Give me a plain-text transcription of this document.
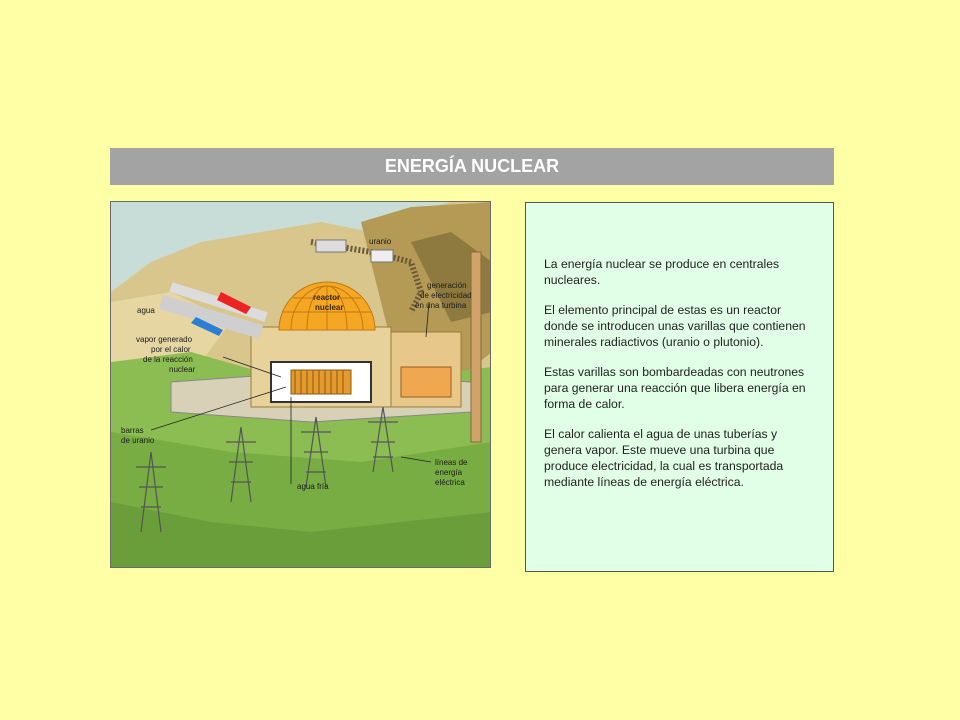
ENERGÍA NUCLEAR
uranio
reactor
nuclear
agua
vapor generado
por el calor
de la reacción
nuclear
generación
de electricidad
en una turbina
barras
de uranio
agua fría
líneas de
energía
eléctrica

La energía nuclear se produce en centrales nucleares.

El elemento principal de estas es un reactor donde se introducen unas varillas que contienen minerales radiactivos (uranio o plutonio).

Estas varillas son bombardeadas con neutrones para generar una reacción que libera energía en forma de calor.

El calor calienta el agua de unas tuberías y genera vapor. Este mueve una turbina que produce electricidad, la cual es transportada mediante líneas de energía eléctrica.
